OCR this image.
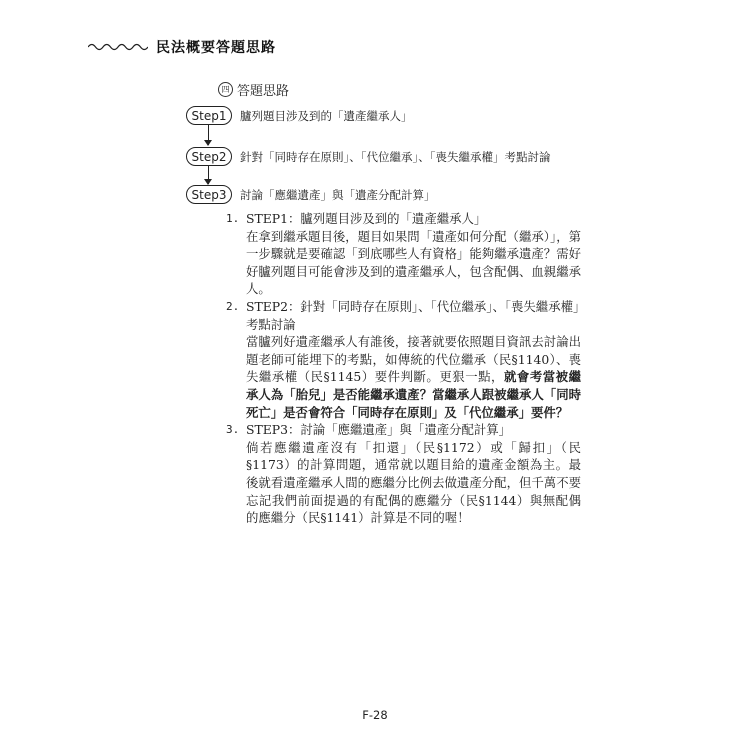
民法概要答題思路
四 答題思路
Step1	臚列題目涉及到的「遺產繼承人」
Step2	針對「同時存在原則」、「代位繼承」、「喪失繼承權」考點討論
Step3	討論「應繼遺產」與「遺產分配計算」
1. STEP1：臚列題目涉及到的「遺產繼承人」
在拿到繼承題目後，題目如果問「遺產如何分配（繼承）」，第一步驟就是要確認「到底哪些人有資格」能夠繼承遺產？需好好臚列題目可能會涉及到的遺產繼承人，包含配偶、血親繼承人。
2. STEP2：針對「同時存在原則」、「代位繼承」、「喪失繼承權」考點討論
當臚列好遺產繼承人有誰後，接著就要依照題目資訊去討論出題老師可能埋下的考點，如傳統的代位繼承（民§1140）、喪失繼承權（民§1145）要件判斷。更狠一點，就會考當被繼承人為「胎兒」是否能繼承遺產？當繼承人跟被繼承人「同時死亡」是否會符合「同時存在原則」及「代位繼承」要件？
3. STEP3：討論「應繼遺產」與「遺產分配計算」
倘若應繼遺產沒有「扣還」（民§1172）或「歸扣」（民§1173）的計算問題，通常就以題目給的遺產金額為主。最後就看遺產繼承人間的應繼分比例去做遺產分配，但千萬不要忘記我們前面提過的有配偶的應繼分（民§1144）與無配偶的應繼分（民§1141）計算是不同的喔！
F-28
